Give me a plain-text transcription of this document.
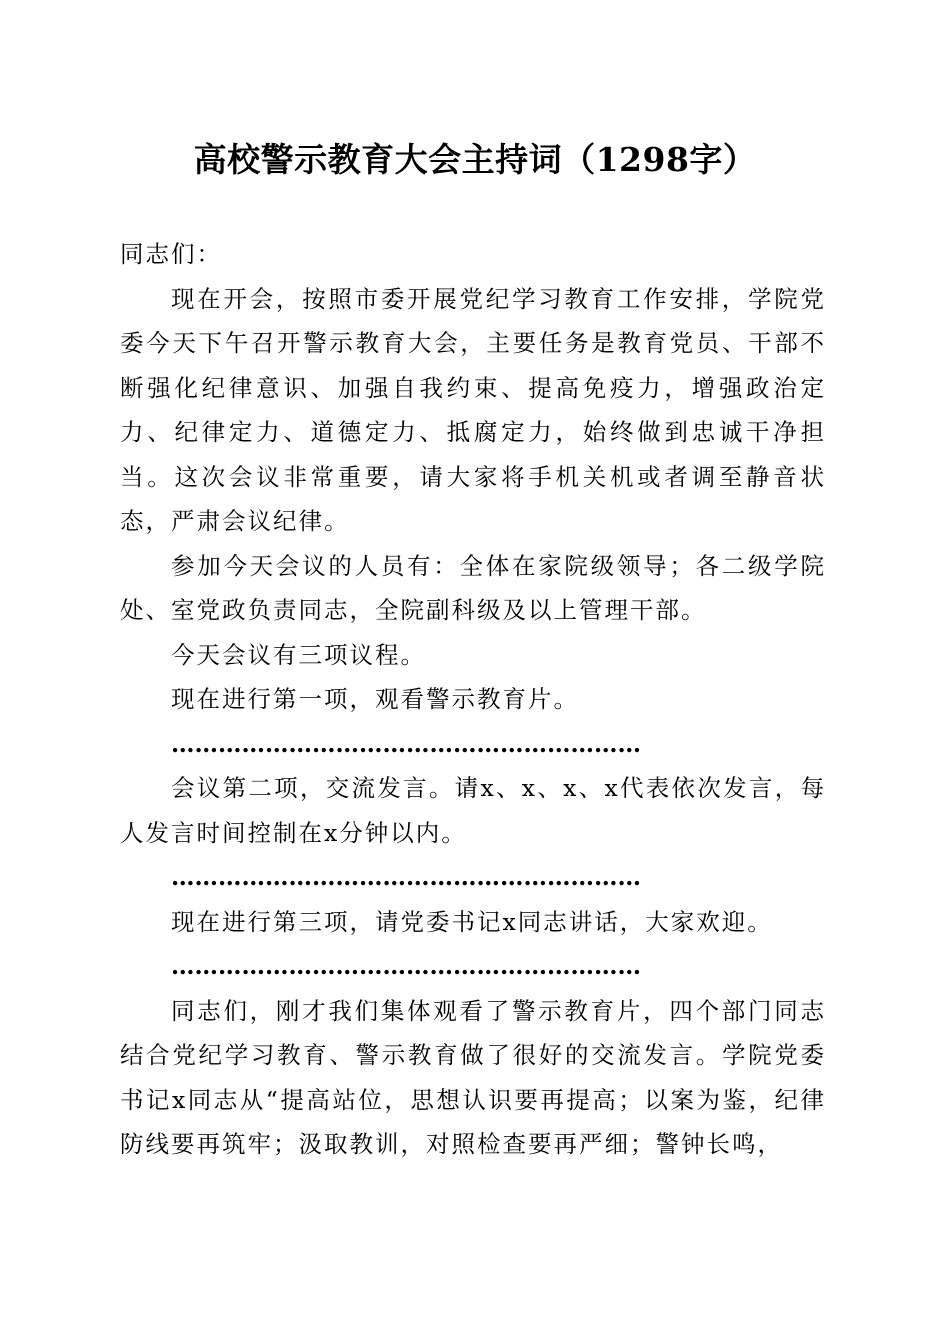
高校警示教育大会主持词（1298字）

同志们：

现在开会，按照市委开展党纪学习教育工作安排，学院党委今天下午召开警示教育大会，主要任务是教育党员、干部不断强化纪律意识、加强自我约束、提高免疫力，增强政治定力、纪律定力、道德定力、抵腐定力，始终做到忠诚干净担当。这次会议非常重要，请大家将手机关机或者调至静音状态，严肃会议纪律。

参加今天会议的人员有：全体在家院级领导；各二级学院处、室党政负责同志，全院副科级及以上管理干部。

今天会议有三项议程。

现在进行第一项，观看警示教育片。

……………………………………………………

会议第二项，交流发言。请x、x、x、x代表依次发言，每人发言时间控制在x分钟以内。

……………………………………………………

现在进行第三项，请党委书记x同志讲话，大家欢迎。

……………………………………………………

同志们，刚才我们集体观看了警示教育片，四个部门同志结合党纪学习教育、警示教育做了很好的交流发言。学院党委书记x同志从“提高站位，思想认识要再提高；以案为鉴，纪律防线要再筑牢；汲取教训，对照检查要再严细；警钟长鸣，
